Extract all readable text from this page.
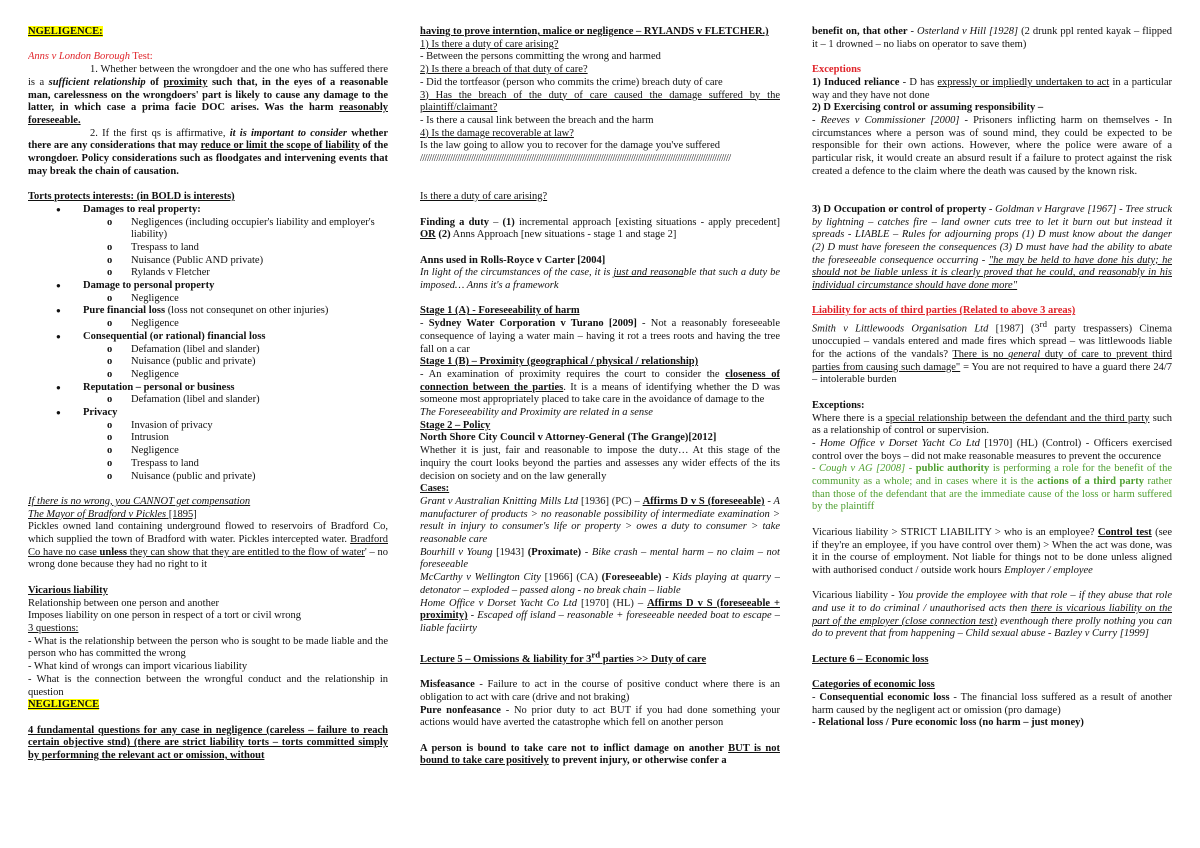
NGELIGENCE:

Anns v London Borough Test:

1. Whether between the wrongdoer and the one who has suffered there is a sufficient relationship of proximity such that, in the eyes of a reasonable man, carelessness on the wrongdoers' part is likely to cause any damage to the latter, in which case a prima facie DOC arises. Was the harm reasonably foreseeable.

2. If the first qs is affirmative, it is important to consider whether there are any considerations that may reduce or limit the scope of liability of the wrongdoer. Policy considerations such as floodgates and intervening events that may break the chain of causation.

Torts protects interests: (in BOLD is interests)

● Damages to real property:
o Negligences (including occupier's liability and employer's liability)
o Trespass to land
o Nuisance (Public AND private)
o Rylands v Fletcher
● Damage to personal property
o Negligence
● Pure financial loss (loss not consequnet on other injuries)
o Negligence
● Consequential (or rational) financial loss
o Defamation (libel and slander)
o Nuisance (public and private)
o Negligence
● Reputation – personal or business
o Defamation (libel and slander)
● Privacy
o Invasion of privacy
o Intrusion
o Negligence
o Trespass to land
o Nuisance (public and private)

If there is no wrong, you CANNOT get compensation

The Mayor of Bradford v Pickles [1895]

Pickles owned land containing underground flowed to reservoirs of Bradford Co, which supplied the town of Bradford with water. Pickles intercepted water. Bradford Co have no case unless they can show that they are entitled to the flow of water' – no wrong done because they had no right to it

Vicarious liability

Relationship between one person and another

Imposes liability on one person in respect of a tort or civil wrong

3 questions:

- What is the relationship between the person who is sought to be made liable and the person who has committed the wrong

- What kind of wrongs can import vicarious liability

- What is the connection between the wrongful conduct and the relationship in question

NEGLIGENCE

4 fundamental questions for any case in negligence (careless – failure to reach certain objective stnd) (there are strict liability torts – torts committed simply by performning the relevant act or omission, without

having to prove interntion, malice or negligence – RYLANDS v FLETCHER.)

1) Is there a duty of care arising?

- Between the persons committing the wrong and harmed

2) Is there a breach of that duty of care?

- Did the tortfeasor (person who commits the crime) breach duty of care

3) Has the breach of the duty of care caused the damage suffered by the plaintiff/claimant?

- Is there a causal link between the breach and the harm

4) Is the damage recoverable at law?

Is the law going to allow you to recover for the damage you've suffered

//////////////////////////////////////////////////////////////////////////////////////////////////////////////////////////////////////

Is there a duty of care arising?

Finding a duty – (1) incremental approach [existing situations - apply precedent] OR (2) Anns Approach [new situations - stage 1 and stage 2]

Anns used in Rolls-Royce v Carter [2004]

In light of the circumstances of the case, it is just and reasonable that such a duty be imposed… Anns it's a framework

Stage 1 (A) - Foreseeability of harm

- Sydney Water Corporation v Turano [2009] - Not a reasonably foreseeable consequence of laying a water main – having it rot a trees roots and having the tree fall on a car

Stage 1 (B) – Proximity (geographical / physical / relationship)

- An examination of proximity requires the court to consider the closeness of connection between the parties. It is a means of identifying whether the D was someone most appropriately placed to take care in the avoidance of damage to the

The Foreseeability and Proximity are related in a sense

Stage 2 – Policy

North Shore City Council v Attorney-General (The Grange)[2012]

Whether it is just, fair and reasonable to impose the duty… At this stage of the inquiry the court looks beyond the parties and assesses any wider effects of the its decision on society and on the law generally

Cases:

Grant v Australian Knitting Mills Ltd [1936] (PC) – Affirms D v S (foreseeable) - A manufacturer of products > no reasonable possibility of intermediate examination > result in injury to consumer's life or property > owes a duty to consumer > take reasonable care

Bourhill v Young [1943] (Proximate) - Bike crash – mental harm – no claim – not foreseeable

McCarthy v Wellington City [1966] (CA) (Foreseeable) - Kids playing at quarry – detonator – exploded – passed along - no break chain – liable

Home Office v Dorset Yacht Co Ltd [1970] (HL) – Affirms D v S (foreseeable + proximity) - Escaped off island – reasonable + foreseeable needed boat to escape – liable faciirty

Lecture 5 – Omissions & liability for 3rd parties >> Duty of care

Misfeasance - Failure to act in the course of positive conduct where there is an obligation to act with care (drive and not braking)

Pure nonfeasance - No prior duty to act BUT if you had done something your actions would have averted the catastrophe which fell on another person

A person is bound to take care not to inflict damage on another BUT is not bound to take care positively to prevent injury, or otherwise confer a

benefit on, that other - Osterland v Hill [1928] (2 drunk ppl rented kayak – flipped it – 1 drowned – no liabs on operator to save them)

Exceptions

1) Induced reliance - D has expressly or impliedly undertaken to act in a particular way and they have not done

2) D Exercising control or assuming responsibility –

- Reeves v Commissioner [2000] - Prisoners inflicting harm on themselves - In circumstances where a person was of sound mind, they could be expected to be responsible for their own actions. However, where the police were aware of a particular risk, it would create an absurd result if a failure to protect against the risk created a defence to the claim where the death was caused by the known risk.

3) D Occupation or control of property - Goldman v Hargrave [1967] - Tree struck by lightning – catches fire – land owner cuts tree to let it burn out but instead it spreads - LIABLE – Rules for adjourning props (1) D must know about the danger (2) D must have foreseen the consequences (3) D must have had the ability to abate the foreseeable consequence occurring - "he may be held to have done his duty; he should not be liable unless it is clearly proved that he could, and reasonably in his individual circumstance should have done more"

Liability for acts of third parties (Related to above 3 areas)

Smith v Littlewoods Organisation Ltd [1987] (3rd party trespassers) Cinema unoccupied – vandals entered and made fires which spread – was littlewoods liable for the actions of the vandals? There is no general duty of care to prevent third parties from causing such damage" = You are not required to have a guard there 24/7 – intolerable burden

Exceptions:

Where there is a special relationship between the defendant and the third party such as a relationship of control or supervision.

- Home Office v Dorset Yacht Co Ltd [1970] (HL) (Control) - Officers exercised control over the boys – did not make reasonable measures to prevent the occurence

- Cough v AG [2008] - public authority is performing a role for the benefit of the community as a whole; and in cases where it is the actions of a third party rather than those of the defendant that are the immediate cause of the loss or harm suffered by the plaintiff

Vicarious liability > STRICT LIABILITY > who is an employee? Control test (see if they're an employee, if you have control over them) > When the act was done, was it in the course of employment. Not liable for things not to be done unless aligned with authorised conduct / outside work hours Employer / employee

Vicarious liability - You provide the employee with that role – if they abuse that role and use it to do criminal / unauthorised acts then there is vicarious liability on the part of the employer (close connection test) eventhough there prolly nothing you can do to prevent that from happening – Child sexual abuse - Bazley v Curry [1999]

Lecture 6 – Economic loss

Categories of economic loss

- Consequential economic loss - The financial loss suffered as a result of another harm caused by the negligent act or omission (pro damage)

- Relational loss / Pure economic loss (no harm – just money)
